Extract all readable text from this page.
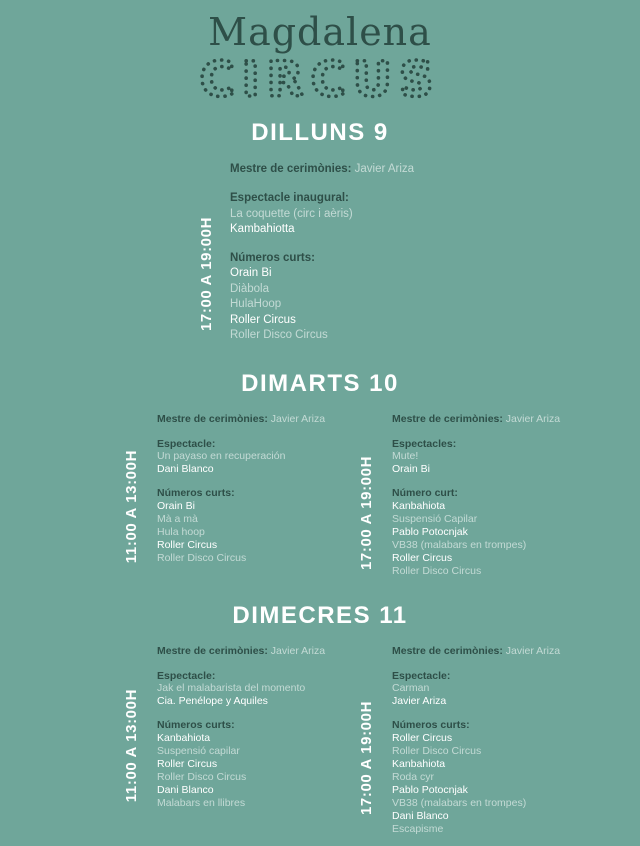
Magdalena
CIRCUS
DILLUNS 9
Mestre de cerimònies: Javier Ariza
17:00 A 19:00H
Espectacle inaugural:
La coquette (circ i aèris)
Kambahiotta
Números curts:
Orain Bi
Diàbola
HulaHoop
Roller Circus
Roller Disco Circus
DIMARTS 10
Mestre de cerimònies: Javier Ariza
11:00 A 13:00H
Espectacle:
Un payaso en recuperación
Dani Blanco
Números curts:
Orain Bi
Mà a mà
Hula hoop
Roller Circus
Roller Disco Circus
Mestre de cerimònies: Javier Ariza
17:00 A 19:00H
Espectacles:
Mute!
Orain Bi
Número curt:
Kanbahiota
Suspensió Capilar
Pablo Potocnjak
VB38 (malabars en trompes)
Roller Circus
Roller Disco Circus
DIMECRES 11
Mestre de cerimònies: Javier Ariza
11:00 A 13:00H
Espectacle:
Jak el malabarista del momento
Cia. Penélope y Aquiles
Números curts:
Kanbahiota
Suspensió capilar
Roller Circus
Roller Disco Circus
Dani Blanco
Malabars en llibres
Mestre de cerimònies: Javier Ariza
17:00 A 19:00H
Espectacle:
Carman
Javier Ariza
Números curts:
Roller Circus
Roller Disco Circus
Kanbahiota
Roda cyr
Pablo Potocnjak
VB38 (malabars en trompes)
Dani Blanco
Escapisme
